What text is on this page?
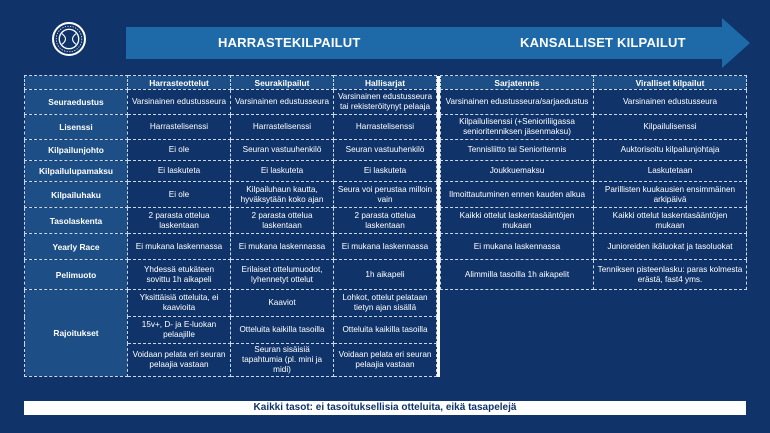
HARRASTEKILPAILUT	KANSALLISET KILPAILUT
	Harrasteottelut	Seurakilpailut	Hallisarjat		Sarjatennis	Viralliset kilpailut
Seuraedustus	Varsinainen edustusseura	Varsinainen edustusseura	Varsinainen edustusseura tai rekisteröitynyt pelaaja		Varsinainen edustusseura/sarjaedustus	Varsinainen edustusseura
Lisenssi	Harrastelisenssi	Harrastelisenssi	Harrastelisenssi		Kilpailulisenssi (+Senioriliigassa senioritenniksen jäsenmaksu)	Kilpailulisenssi
Kilpailunjohto	Ei ole	Seuran vastuuhenkilö	Seuran vastuuhenkilö		Tennisliitto tai Senioritennis	Auktorisoitu kilpailunjohtaja
Kilpailulupamaksu	Ei laskuteta	Ei laskuteta	Ei laskuteta		Joukkuemaksu	Laskutetaan
Kilpailuhaku	Ei ole	Kilpailuhaun kautta, hyväksytään koko ajan	Seura voi perustaa milloin vain		Ilmoittautuminen ennen kauden alkua	Parillisten kuukausien ensimmäinen arkipäivä
Tasolaskenta	2 parasta ottelua laskentaan	2 parasta ottelua laskentaan	2 parasta ottelua laskentaan		Kaikki ottelut laskentasääntöjen mukaan	Kaikki ottelut laskentasääntöjen mukaan
Yearly Race	Ei mukana laskennassa	Ei mukana laskennassa	Ei mukana laskennassa		Ei mukana laskennassa	Junioreiden ikäluokat ja tasoluokat
Pelimuoto	Yhdessä etukäteen sovittu 1h aikapeli	Erilaiset ottelumuodot, lyhennetyt ottelut	1h aikapeli		Alimmilla tasoilla 1h aikapelit	Tenniksen pisteenlasku: paras kolmesta erästä, fast4 yms.
Rajoitukset	Yksittäisiä otteluita, ei kaavioita	Kaaviot	Lohkot, ottelut pelataan tietyn ajan sisällä			
	15v+, D- ja E-luokan pelaajille	Otteluita kaikilla tasoilla	Otteluita kaikilla tasoilla			
	Voidaan pelata eri seuran pelaajia vastaan	Seuran sisäisiä tapahtumia (pl. mini ja midi)	Voidaan pelata eri seuran pelaajia vastaan			
Kaikki tasot: ei tasoituksellisia otteluita, eikä tasapelejä
